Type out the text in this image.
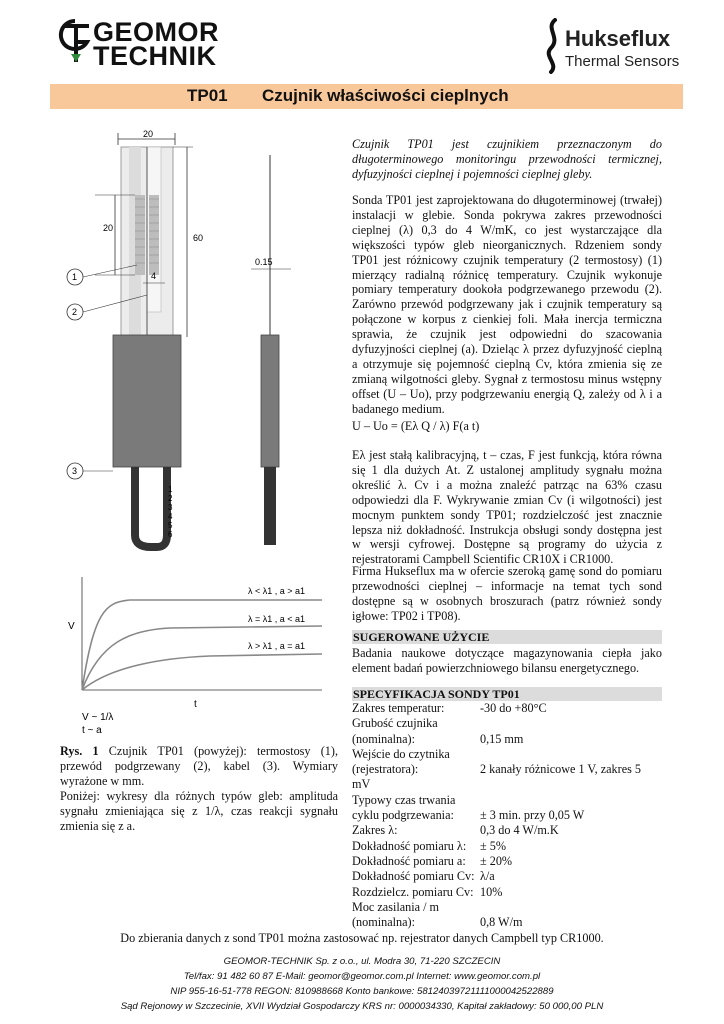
GEOMOR
TECHNIK
Hukseflux
Thermal Sensors
TP01 Czujnik właściwości cieplnych
20
20
60
4
1
2
3
1
2
3
4
5
6
0.15
V
t
λ < λ1 , a > a1
λ = λ1 , a < a1
λ > λ1 , a = a1
V ~ 1/λ
t ~ a

Rys. 1 Czujnik TP01 (powyżej): termostosy (1), przewód podgrzewany (2), kabel (3). Wymiary wyrażone w mm.

Poniżej: wykresy dla różnych typów gleb: amplituda sygnału zmieniająca się z 1/λ, czas reakcji sygnału zmienia się z a.

Czujnik TP01 jest czujnikiem przeznaczonym do długoterminowego monitoringu przewodności termicznej, dyfuzyjności cieplnej i pojemności cieplnej gleby.
Sonda TP01 jest zaprojektowana do długoterminowej (trwałej) instalacji w glebie. Sonda pokrywa zakres przewodności cieplnej (λ) 0,3 do 4 W/mK, co jest wystarczające dla większości typów gleb nieorganicznych. Rdzeniem sondy TP01 jest różnicowy czujnik temperatury (2 termostosy) (1) mierzący radialną różnicę temperatury. Czujnik wykonuje pomiary temperatury dookoła podgrzewanego przewodu (2). Zarówno przewód podgrzewany jak i czujnik temperatury są połączone w korpus z cienkiej foli. Mała inercja termiczna sprawia, że czujnik jest odpowiedni do szacowania dyfuzyjności cieplnej (a). Dzieląc λ przez dyfuzyjność cieplną a otrzymuje się pojemność cieplną Cv, która zmienia się ze zmianą wilgotności gleby. Sygnał z termostosu minus wstępny offset (U – Uo), przy podgrzewaniu energią Q, zależy od λ i a badanego medium.
U – Uo = (Eλ Q / λ) F(a t)
Eλ jest stałą kalibracyjną, t – czas, F jest funkcją, która równa się 1 dla dużych At. Z ustalonej amplitudy sygnału można określić λ. Cv i a można znaleźć patrząc na 63% czasu odpowiedzi dla F. Wykrywanie zmian Cv (i wilgotności) jest mocnym punktem sondy TP01; rozdzielczość jest znacznie lepsza niż dokładność. Instrukcja obsługi sondy dostępna jest w wersji cyfrowej. Dostępne są programy do użycia z rejestratorami Campbell Scientific CR10X i CR1000.
Firma Hukseflux ma w ofercie szeroką gamę sond do pomiaru przewodności cieplnej – informacje na temat tych sond dostępne są w osobnych broszurach (patrz również sondy igłowe: TP02 i TP08).
SUGEROWANE UŻYCIE
Badania naukowe dotyczące magazynowania ciepła jako element badań powierzchniowego bilansu energetycznego.
SPECYFIKACJA SONDY TP01
Zakres temperatur:	-30 do +80°C
Grubość czujnika
(nominalna):	0,15 mm
Wejście do czytnika
(rejestratora):	2 kanały różnicowe 1 V, zakres 5
mV
Typowy czas trwania
cyklu podgrzewania:	± 3 min. przy 0,05 W
Zakres λ:	0,3 do 4 W/m.K
Dokładność pomiaru λ:	± 5%
Dokładność pomiaru a:	± 20%
Dokładność pomiaru Cv: λ/a
Rozdzielcz. pomiaru Cv: 10%
Moc zasilania / m
(nominalna):	0,8 W/m
Do zbierania danych z sond TP01 można zastosować np. rejestrator danych Campbell typ CR1000.
GEOMOR-TECHNIK Sp. z o.o., ul. Modra 30, 71-220 SZCZECIN
Tel/fax: 91 482 60 87 E-Mail: geomor@geomor.com.pl Internet: www.geomor.com.pl
NIP 955-16-51-778 REGON: 810988668 Konto bankowe: 58124039721111000042522889
Sąd Rejonowy w Szczecinie, XVII Wydział Gospodarczy KRS nr: 0000034330, Kapitał zakładowy: 50 000,00 PLN
